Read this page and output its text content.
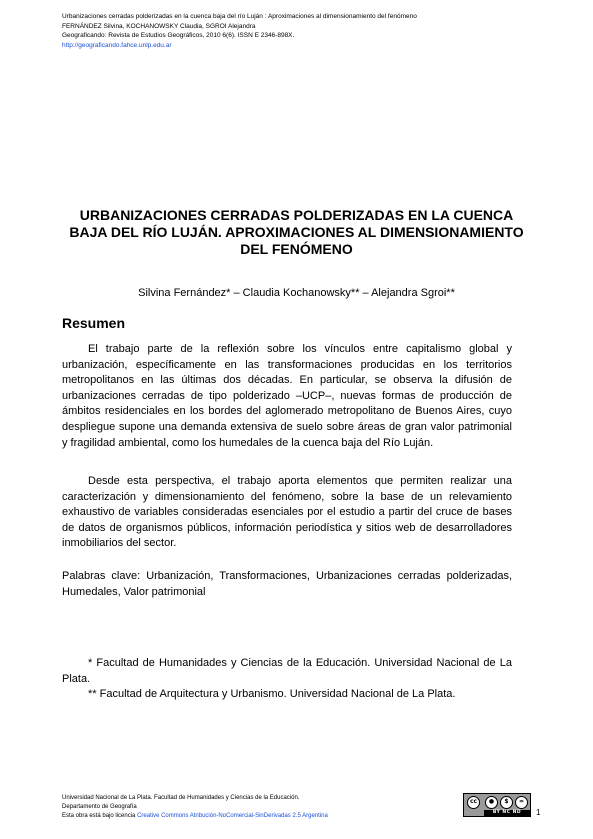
Urbanizaciones cerradas polderizadas en la cuenca baja del río Luján : Aproximaciones al dimensionamiento del fenómeno
FERNÁNDEZ Silvina, KOCHANOWSKY Claudia, SGROI Alejandra
Geograficando: Revista de Estudios Geográficos, 2010 6(6). ISSN E 2346-898X.
http://geograficando.fahce.unlp.edu.ar
URBANIZACIONES CERRADAS POLDERIZADAS EN LA CUENCA BAJA DEL RÍO LUJÁN. APROXIMACIONES AL DIMENSIONAMIENTO DEL FENÓMENO
Silvina Fernández* – Claudia Kochanowsky** – Alejandra Sgroi**
Resumen

El trabajo parte de la reflexión sobre los vínculos entre capitalismo global y urbanización, específicamente en las transformaciones producidas en los territorios metropolitanos en las últimas dos décadas. En particular, se observa la difusión de urbanizaciones cerradas de tipo polderizado –UCP–, nuevas formas de producción de ámbitos residenciales en los bordes del aglomerado metropolitano de Buenos Aires, cuyo despliegue supone una demanda extensiva de suelo sobre áreas de gran valor patrimonial y fragilidad ambiental, como los humedales de la cuenca baja del Río Luján.

Desde esta perspectiva, el trabajo aporta elementos que permiten realizar una caracterización y dimensionamiento del fenómeno, sobre la base de un relevamiento exhaustivo de variables consideradas esenciales por el estudio a partir del cruce de bases de datos de organismos públicos, información periodística y sitios web de desarrolladores inmobiliarios del sector.

Palabras clave: Urbanización, Transformaciones, Urbanizaciones cerradas polderizadas, Humedales, Valor patrimonial

* Facultad de Humanidades y Ciencias de la Educación. Universidad Nacional de La Plata.

** Facultad de Arquitectura y Urbanismo. Universidad Nacional de La Plata.

Universidad Nacional de La Plata. Facultad de Humanidades y Ciencias de la Educación.
Departamento de Geografía
Esta obra está bajo licencia Creative Commons Atribución-NoComercial-SinDerivadas 2.5 Argentina
cc	●	$	=
BY NC ND	1
